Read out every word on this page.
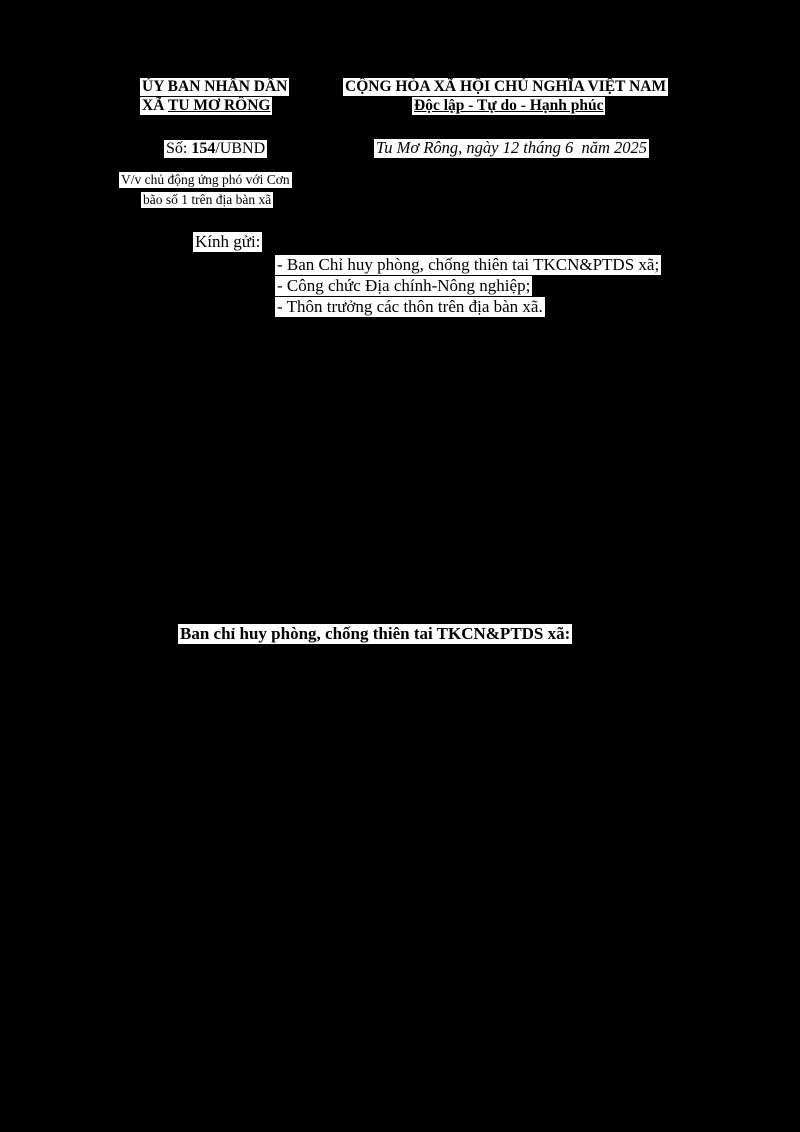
ỦY BAN NHÂN DÂN
XÃ TU MƠ RÔNG
CỘNG HÒA XÃ HỘI CHỦ NGHĨA VIỆT NAM
Độc lập - Tự do - Hạnh phúc
Số: 154/UBND	Tu Mơ Rông, ngày 12 tháng 6  năm 2025
V/v chủ động ứng phó với Cơn
bão số 1 trên địa bàn xã
Kính gửi:
- Ban Chỉ huy phòng, chống thiên tai TKCN&PTDS xã;
- Công chức Địa chính-Nông nghiệp;
- Thôn trưởng các thôn trên địa bàn xã.
Ban chỉ huy phòng, chống thiên tai TKCN&PTDS xã:
